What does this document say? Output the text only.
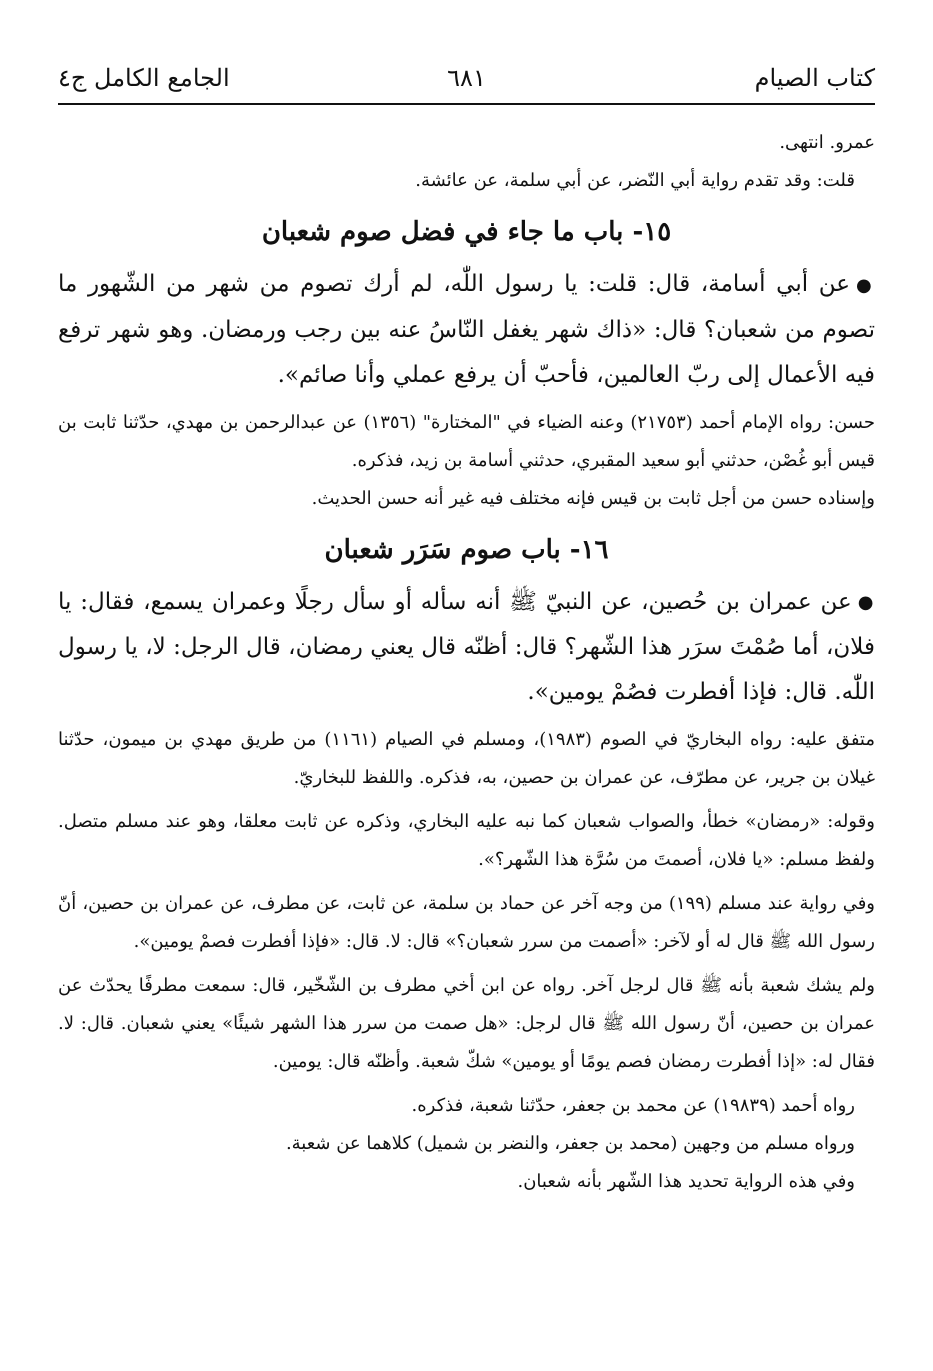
كتاب الصيام
٦٨١
الجامع الكامل ج٤

عمرو. انتهى.

قلت: وقد تقدم رواية أبي النّضر، عن أبي سلمة، عن عائشة.

١٥- باب ما جاء في فضل صوم شعبان

●عن أبي أسامة، قال: قلت: يا رسول اللّٰه، لم أرك تصوم من شهر من الشّهور ما تصوم من شعبان؟ قال: «ذاك شهر يغفل النّاسُ عنه بين رجب ورمضان. وهو شهر ترفع فيه الأعمال إلى ربّ العالمين، فأحبّ أن يرفع عملي وأنا صائم».

حسن: رواه الإمام أحمد (٢١٧٥٣) وعنه الضياء في "المختارة" (١٣٥٦) عن عبدالرحمن بن مهدي، حدّثنا ثابت بن قيس أبو غُصْن، حدثني أبو سعيد المقبري، حدثني أسامة بن زيد، فذكره.

وإسناده حسن من أجل ثابت بن قيس فإنه مختلف فيه غير أنه حسن الحديث.

١٦- باب صوم سَرَر شعبان

●عن عمران بن حُصين، عن النبيّ ﷺ أنه سأله أو سأل رجلًا وعمران يسمع، فقال: يا فلان، أما صُمْتَ سرَر هذا الشّهر؟ قال: أظنّه قال يعني رمضان، قال الرجل: لا، يا رسول اللّٰه. قال: فإذا أفطرت فصُمْ يومين».

متفق عليه: رواه البخاريّ في الصوم (١٩٨٣)، ومسلم في الصيام (١١٦١) من طريق مهدي بن ميمون، حدّثنا غيلان بن جرير، عن مطرّف، عن عمران بن حصين، به، فذكره. واللفظ للبخاريّ.

وقوله: «رمضان» خطأ، والصواب شعبان كما نبه عليه البخاري، وذكره عن ثابت معلقا، وهو عند مسلم متصل. ولفظ مسلم: «يا فلان، أصمتَ من سُرَّة هذا الشّهر؟».

وفي رواية عند مسلم (١٩٩) من وجه آخر عن حماد بن سلمة، عن ثابت، عن مطرف، عن عمران بن حصين، أنّ رسول الله ﷺ قال له أو لآخر: «أصمت من سرر شعبان؟» قال: لا. قال: «فإذا أفطرت فصمْ يومين».

ولم يشك شعبة بأنه ﷺ قال لرجل آخر. رواه عن ابن أخي مطرف بن الشّخّير، قال: سمعت مطرفًا يحدّث عن عمران بن حصين، أنّ رسول الله ﷺ قال لرجل: «هل صمت من سرر هذا الشهر شيئًا» يعني شعبان. قال: لا. فقال له: «إذا أفطرت رمضان فصم يومًا أو يومين» شكّ شعبة. وأظنّه قال: يومين.

رواه أحمد (١٩٨٣٩) عن محمد بن جعفر، حدّثنا شعبة، فذكره.

ورواه مسلم من وجهين (محمد بن جعفر، والنضر بن شميل) كلاهما عن شعبة.

وفي هذه الرواية تحديد هذا الشّهر بأنه شعبان.
